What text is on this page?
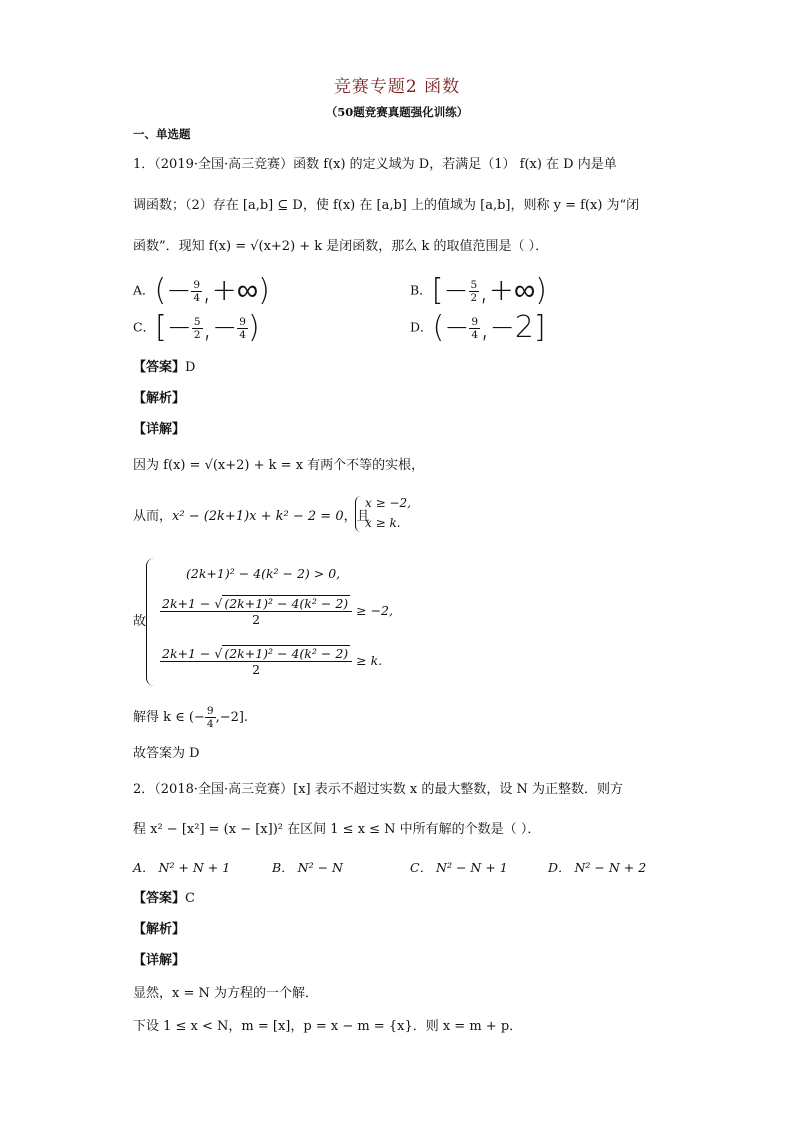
竞赛专题2 函数
（50题竞赛真题强化训练）
一、单选题
1．（2019·全国·高三竞赛）函数 f(x) 的定义域为 D，若满足（1） f(x) 在 D 内是单
调函数；（2）存在 [a,b] ⊆ D，使 f(x) 在 [a,b] 上的值域为 [a,b]，则称 y = f(x) 为“闭
函数”．现知 f(x) = √(x+2) + k 是闭函数，那么 k 的取值范围是（ ）．
A．(− $\frac{9}{4}$ ,+∞)	B．[− $\frac{5}{2}$ ,+∞)
C．[− $\frac{5}{2}$ ,− $\frac{9}{4}$ )	D．(− $\frac{9}{4} ,-2$]
【答案】D
【解析】
【详解】
因为 f(x) = √(x+2) + k = x 有两个不等的实根，
从而，x² − (2k+1)x + k² − 2 = 0，且
x ≥ −2,
x ≥ k.
故
(2k+1)² − 4(k² − 2) > 0,
$\frac{\text{2k+1 − √ (2k+1)² − 4(k² − 2)}}{2} \ge -2$,
$\frac{\text{2k+1 − √ (2k+1)² − 4(k² − 2)}}{2} \ge k$.
解得 k ∈ (− $\frac{9}{4} ,-2$].
故答案为 D
2．（2018·全国·高三竞赛）[x] 表示不超过实数 x 的最大整数，设 N 为正整数．则方
程 x² − [x²] = (x − [x])² 在区间 1 ≤ x ≤ N 中所有解的个数是（ ）．
A． N² + N + 1	B． N² − N	C． N² − N + 1	D． N² − N + 2
【答案】C
【解析】
【详解】
显然，x = N 为方程的一个解．
下设 1 ≤ x < N，m = [x]，p = x − m = {x}．则 x = m + p．
